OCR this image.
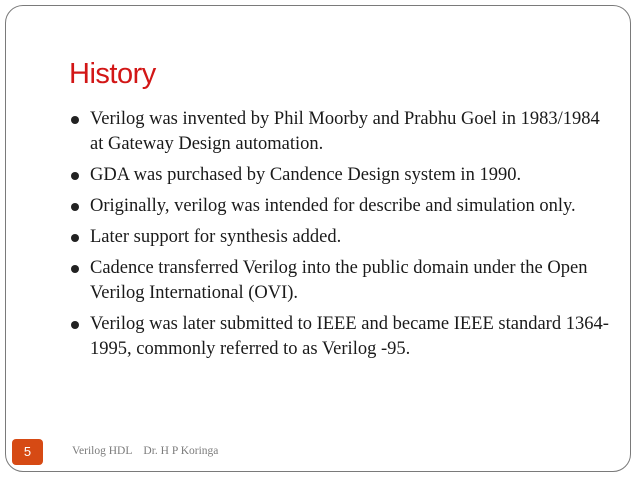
History
Verilog was invented by Phil Moorby and Prabhu Goel in 1983/1984 at Gateway Design automation.
GDA was purchased by Candence Design system in 1990.
Originally, verilog was intended for describe and simulation only.
Later support for synthesis added.
Cadence transferred Verilog into the public domain under the Open Verilog International (OVI).
Verilog was later submitted to IEEE and became IEEE standard 1364-1995, commonly referred to as Verilog -95.
5	Verilog HDL    Dr. H P Koringa
